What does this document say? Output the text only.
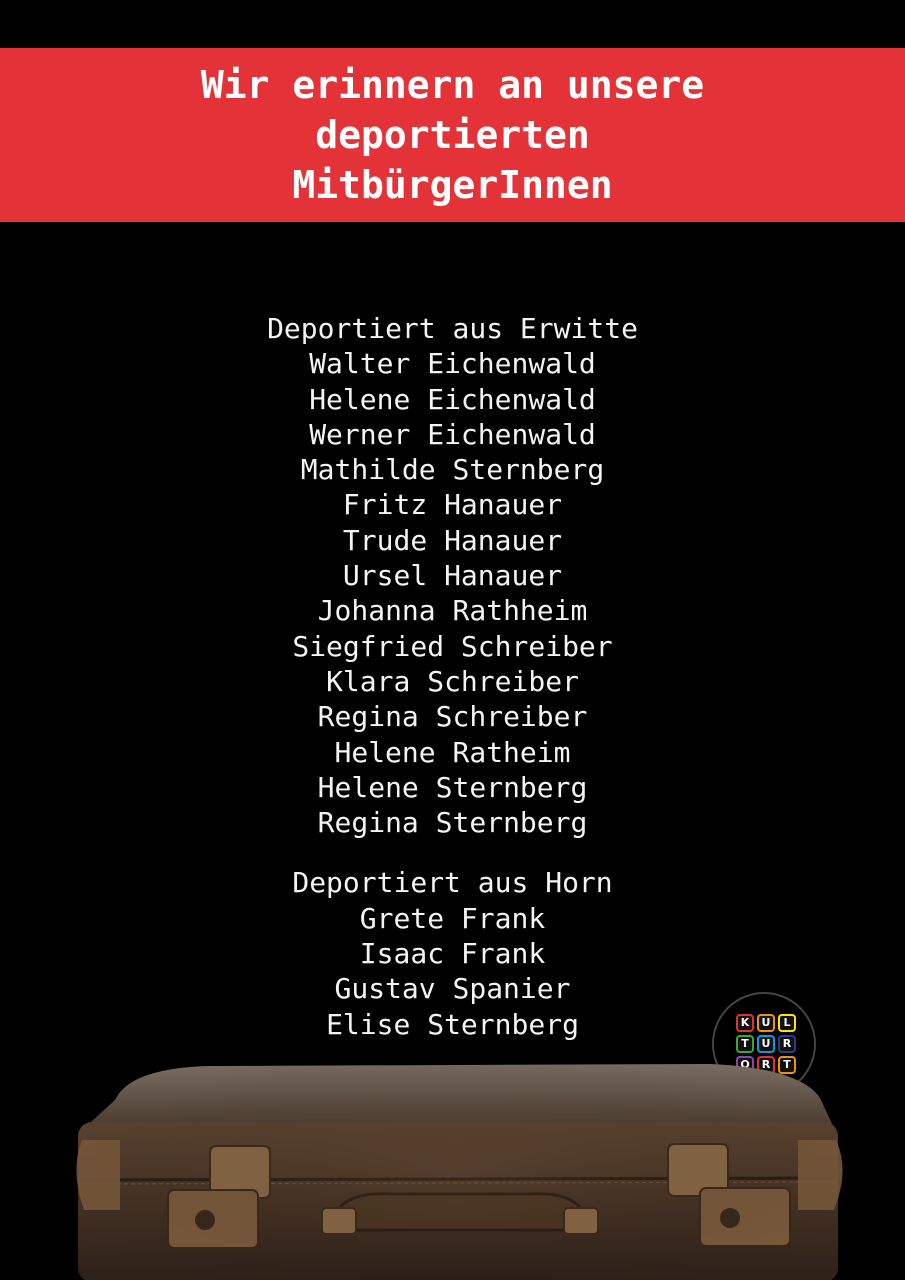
Wir erinnern an unsere
deportierten
MitbürgerInnen
Deportiert aus Erwitte
Walter Eichenwald
Helene Eichenwald
Werner Eichenwald
Mathilde Sternberg
Fritz Hanauer
Trude Hanauer
Ursel Hanauer
Johanna Rathheim
Siegfried Schreiber
Klara Schreiber
Regina Schreiber
Helene Ratheim
Helene Sternberg
Regina Sternberg
Deportiert aus Horn
Grete Frank
Isaac Frank
Gustav Spanier
Elise Sternberg	K	U	L
T	U	R
